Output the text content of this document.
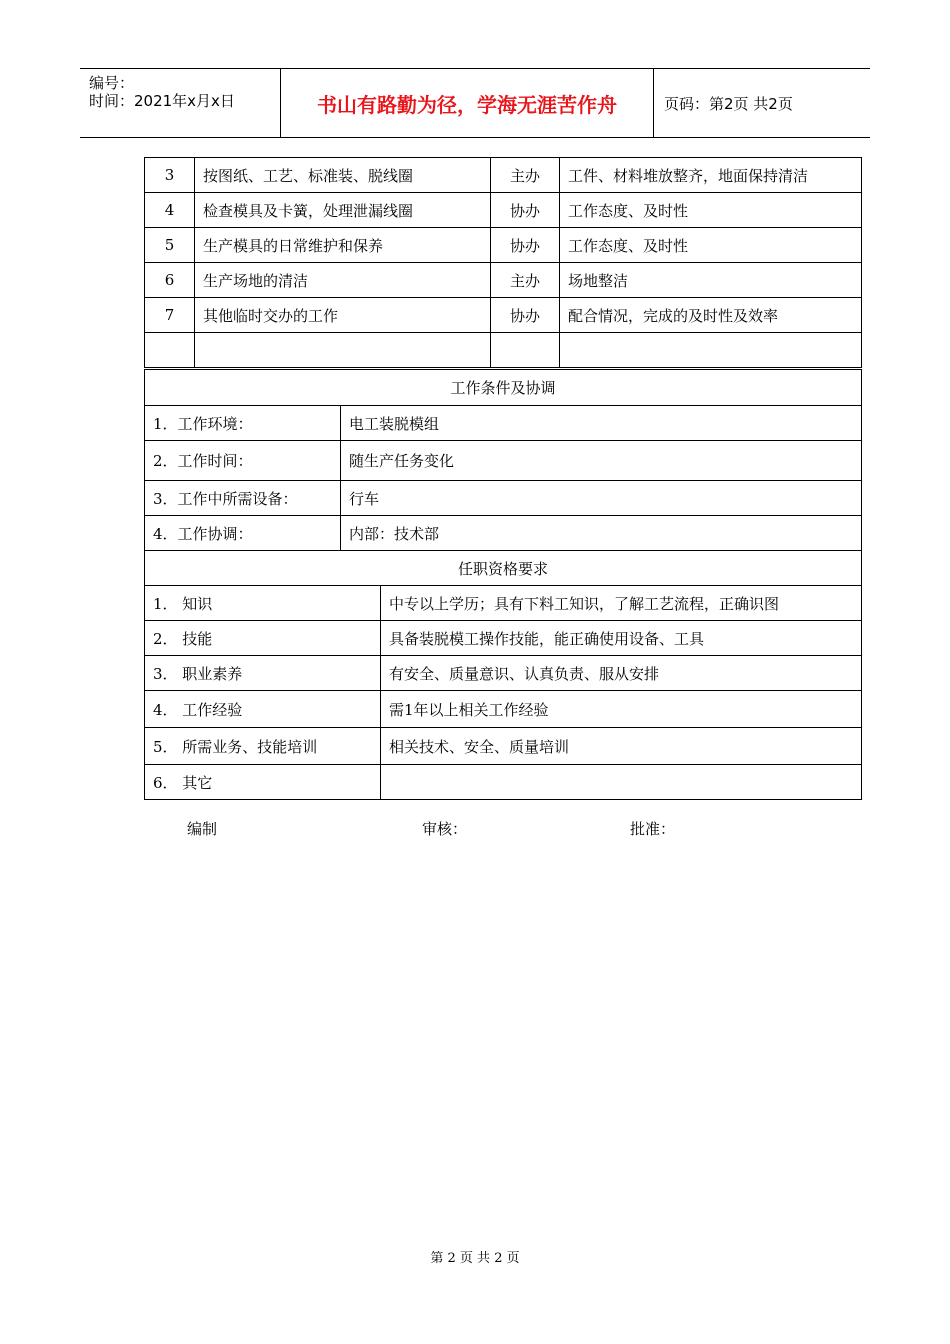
编号：
时间：2021年x月x日	书山有路勤为径，学海无涯苦作舟	页码：第2页 共2页
3	按图纸、工艺、标准装、脱线圈	主办	工件、材料堆放整齐，地面保持清洁
4	检查模具及卡簧，处理泄漏线圈	协办	工作态度、及时性
5	生产模具的日常维护和保养	协办	工作态度、及时性
6	生产场地的清洁	主办	场地整洁
7	其他临时交办的工作	协办	配合情况，完成的及时性及效率

工作条件及协调	
1．工作环境：	电工装脱模组
2．工作时间：	随生产任务变化
3．工作中所需设备：	行车
4．工作协调：	内部：技术部
任职资格要求	
1． 知识	中专以上学历；具有下料工知识，了解工艺流程，正确识图
2． 技能	具备装脱模工操作技能，能正确使用设备、工具
3． 职业素养	有安全、质量意识、认真负责、服从安排
4． 工作经验	需1年以上相关工作经验
5． 所需业务、技能培训	相关技术、安全、质量培训
6． 其它	
编制	审核：	批准：
第 2 页 共 2 页
